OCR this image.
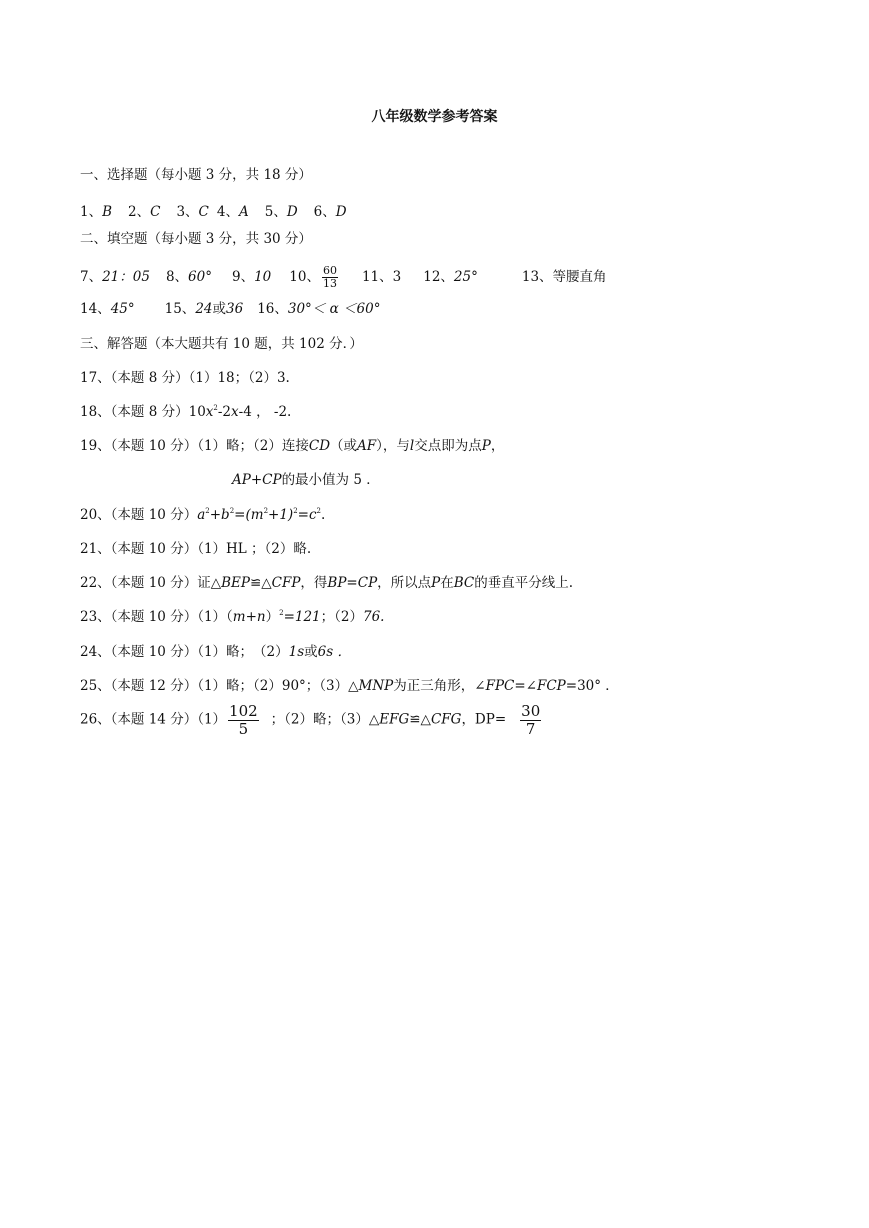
八年级数学参考答案
一、选择题（每小题 3 分，共 18 分）
1、B 2、C 3、C 4、A 5、D 6、D
二、填空题（每小题 3 分，共 30 分）
7、21：05 8、60° 9、10 10、 $\frac{60}{13} 11$、3 12、25°	13、等腰直角
14、45° 15、24或36 16、30°＜ α ＜60°
三、解答题（本大题共有 10 题，共 102 分．）
17、（本题 8 分）（1）18；（2）3.
18、（本题 8 分）$10x^2-2x-4$ ， -2.
19、（本题 10 分）（1）略；（2）连接CD（或AF），与l交点即为点P，
AP+CP的最小值为 5 ．
20、（本题 10 分）$a^2+b^2=(m^2+1)^2=c^2$.
21、（本题 10 分）（1）HL ；（2）略.
22、（本题 10 分）证△BEP≌△CFP，得BP=CP，所以点P在BC的垂直平分线上.
23、（本题 10 分）$(1)(m+n)^2=121$；（2）76.
24、（本题 10 分）（1）略；　（2）1s或6s ．
25、（本题 12 分）（1）略；（2）90°；（3）△MNP为正三角形，∠FPC=∠FCP=30° ．
26、（本题 14 分）$(1) \frac{102}{5}$ ；（2）略；（3）△EFG≌△CFG，$DP= \frac{30}{7}$
